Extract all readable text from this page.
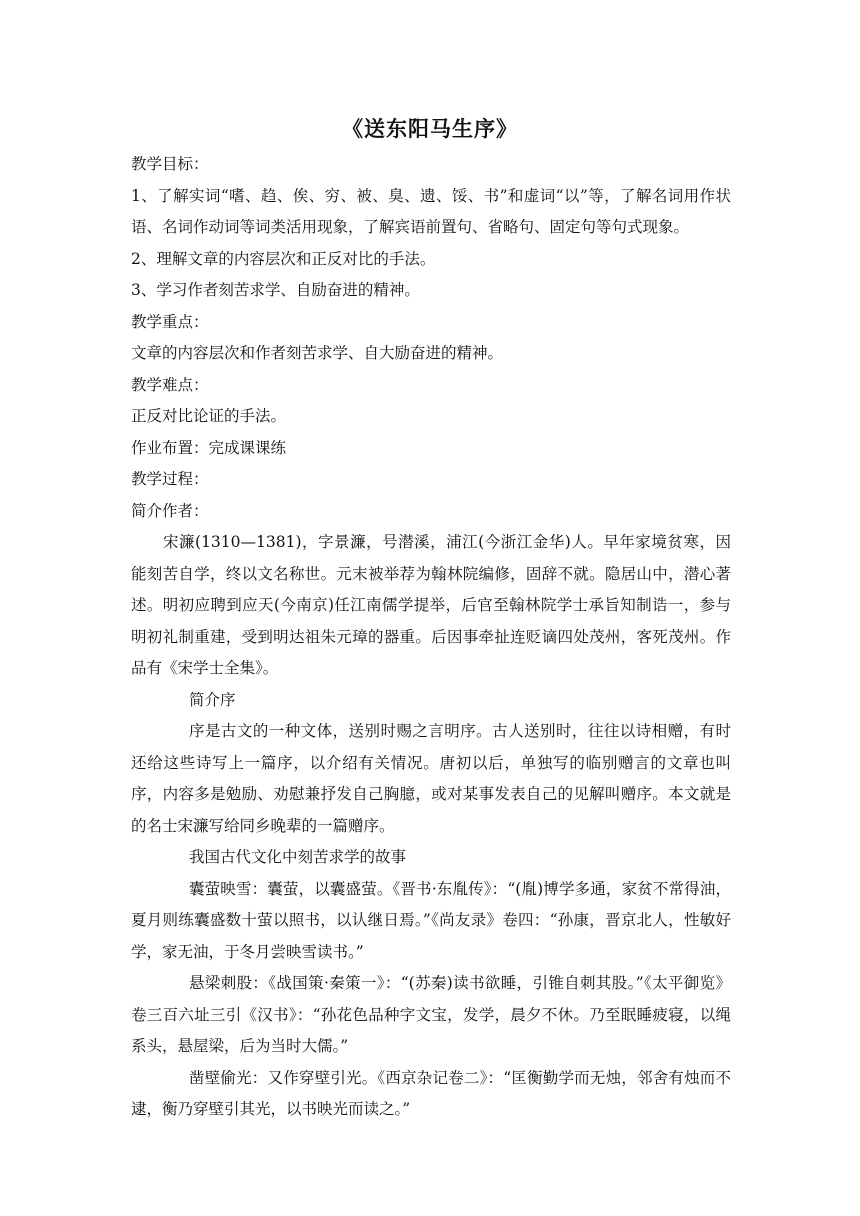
《送东阳马生序》

教学目标：

1、了解实词“嗜、趋、俟、穷、被、臭、遗、馁、书”和虚词“以”等，了解名词用作状语、名词作动词等词类活用现象，了解宾语前置句、省略句、固定句等句式现象。

2、理解文章的内容层次和正反对比的手法。

3、学习作者刻苦求学、自励奋进的精神。

教学重点：

文章的内容层次和作者刻苦求学、自大励奋进的精神。

教学难点：

正反对比论证的手法。

作业布置：完成课课练

教学过程：

简介作者：

宋濂(1310—1381)，字景濂，号潜溪，浦江(今浙江金华)人。早年家境贫寒，因能刻苦自学，终以文名称世。元末被举荐为翰林院编修，固辞不就。隐居山中，潜心著述。明初应聘到应天(今南京)任江南儒学提举，后官至翰林院学士承旨知制诰一，参与明初礼制重建，受到明达祖朱元璋的器重。后因事牵扯连贬谪四处茂州，客死茂州。作品有《宋学士全集》。

简介序

序是古文的一种文体，送别时赐之言明序。古人送别时，往往以诗相赠，有时还给这些诗写上一篇序，以介绍有关情况。唐初以后，单独写的临别赠言的文章也叫序，内容多是勉励、劝慰兼抒发自己胸臆，或对某事发表自己的见解叫赠序。本文就是的名士宋濂写给同乡晚辈的一篇赠序。

我国古代文化中刻苦求学的故事

囊萤映雪：囊萤，以囊盛萤。《晋书·东胤传》：“(胤)博学多通，家贫不常得油，夏月则练囊盛数十萤以照书，以认继日焉。”《尚友录》卷四：“孙康，晋京北人，性敏好学，家无油，于冬月尝映雪读书。”

悬梁刺股：《战国策·秦策一》：“(苏秦)读书欲睡，引锥自刺其股。”《太平御览》卷三百六址三引《汉书》：“孙花色品种字文宝，发学，晨夕不休。乃至眠睡疲寝，以绳系头，悬屋梁，后为当时大儒。”

凿壁偷光：又作穿壁引光。《西京杂记卷二》：“匡衡勤学而无烛，邻舍有烛而不逮，衡乃穿壁引其光，以书映光而读之。”
